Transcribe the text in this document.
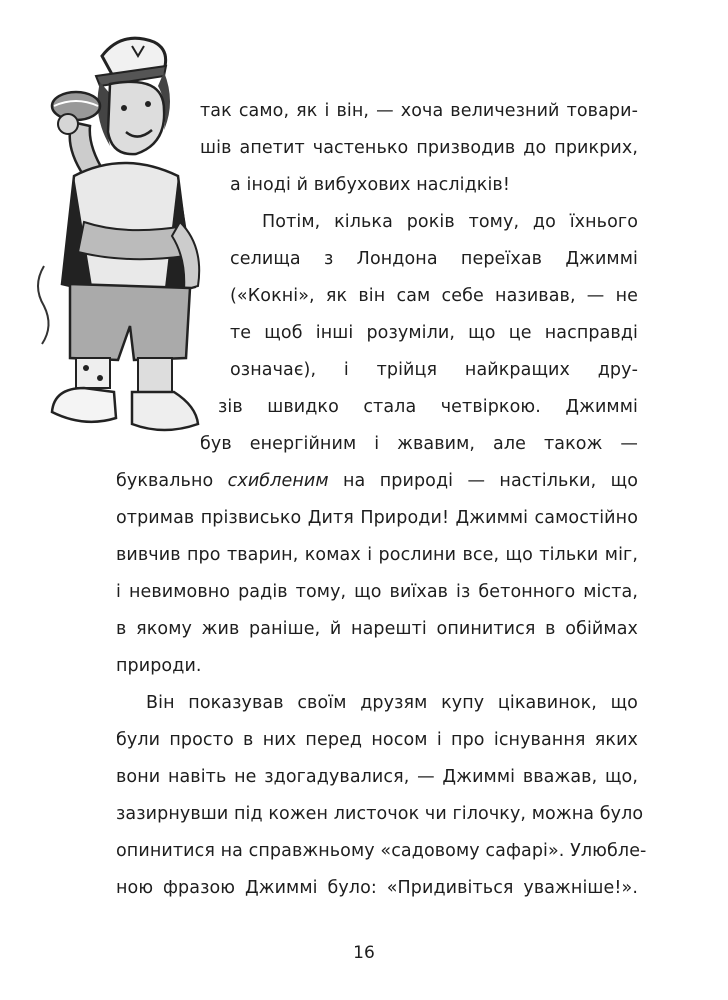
так само, як і він, — хоча величезний товари-
шів апетит частенько призводив до прикрих,
а іноді й вибухових наслідків!
Потім, кілька років тому, до їхнього
селища з Лондона переїхав Джиммі
(«Кокні», як він сам себе називав, — не
те щоб інші розуміли, що це насправді
означає), і трійця найкращих дру-
зів швидко стала четвіркою. Джиммі
був енергійним і жвавим, але також —
буквально схибленим на природі — настільки, що
отримав прізвисько Дитя Природи! Джиммі самостійно
вивчив про тварин, комах і рослини все, що тільки міг,
і невимовно радів тому, що виїхав із бетонного міста,
в якому жив раніше, й нарешті опинитися в обіймах
природи.
Він показував своїм друзям купу цікавинок, що
були просто в них перед носом і про існування яких
вони навіть не здогадувалися, — Джиммі вважав, що,
зазирнувши під кожен листочок чи гілочку, можна було
опинитися на справжньому «садовому сафарі». Улюбле-
ною фразою Джиммі було: «Придивіться уважніше!».
16
